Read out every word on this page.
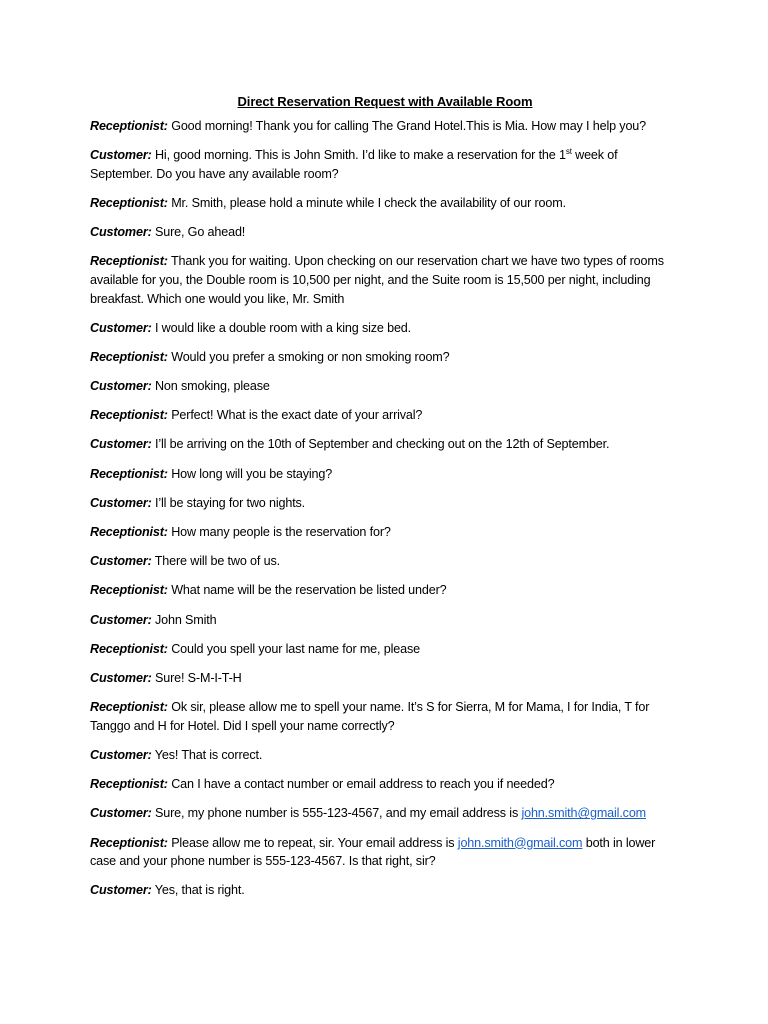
Direct Reservation Request with Available Room
Receptionist: Good morning! Thank you for calling The Grand Hotel.This is Mia. How may I help you?
Customer: Hi, good morning. This is John Smith. I’d like to make a reservation for the 1st week of September. Do you have any available room?
Receptionist: Mr. Smith, please hold a minute while I check the availability of our room.
Customer: Sure, Go ahead!
Receptionist: Thank you for waiting. Upon checking on our reservation chart we have two types of rooms available for you, the Double room is 10,500 per night, and the Suite room is 15,500 per night, including breakfast. Which one would you like, Mr. Smith
Customer: I would like a double room with a king size bed.
Receptionist: Would you prefer a smoking or non smoking room?
Customer: Non smoking, please
Receptionist: Perfect! What is the exact date of your arrival?
Customer: I’ll be arriving on the 10th of September and checking out on the 12th of September.
Receptionist: How long will you be staying?
Customer: I’ll be staying for two nights.
Receptionist: How many people is the reservation for?
Customer: There will be two of us.
Receptionist: What name will be the reservation be listed under?
Customer: John Smith
Receptionist: Could you spell your last name for me, please
Customer: Sure! S-M-I-T-H
Receptionist: Ok sir, please allow me to spell your name. It’s S for Sierra, M for Mama, I for India, T for Tanggo and H for Hotel. Did I spell your name correctly?
Customer: Yes! That is correct.
Receptionist: Can I have a contact number or email address to reach you if needed?
Customer: Sure, my phone number is 555-123-4567, and my email address is john.smith@gmail.com
Receptionist: Please allow me to repeat, sir. Your email address is john.smith@gmail.com both in lower case and your phone number is 555-123-4567. Is that right, sir?
Customer: Yes, that is right.
